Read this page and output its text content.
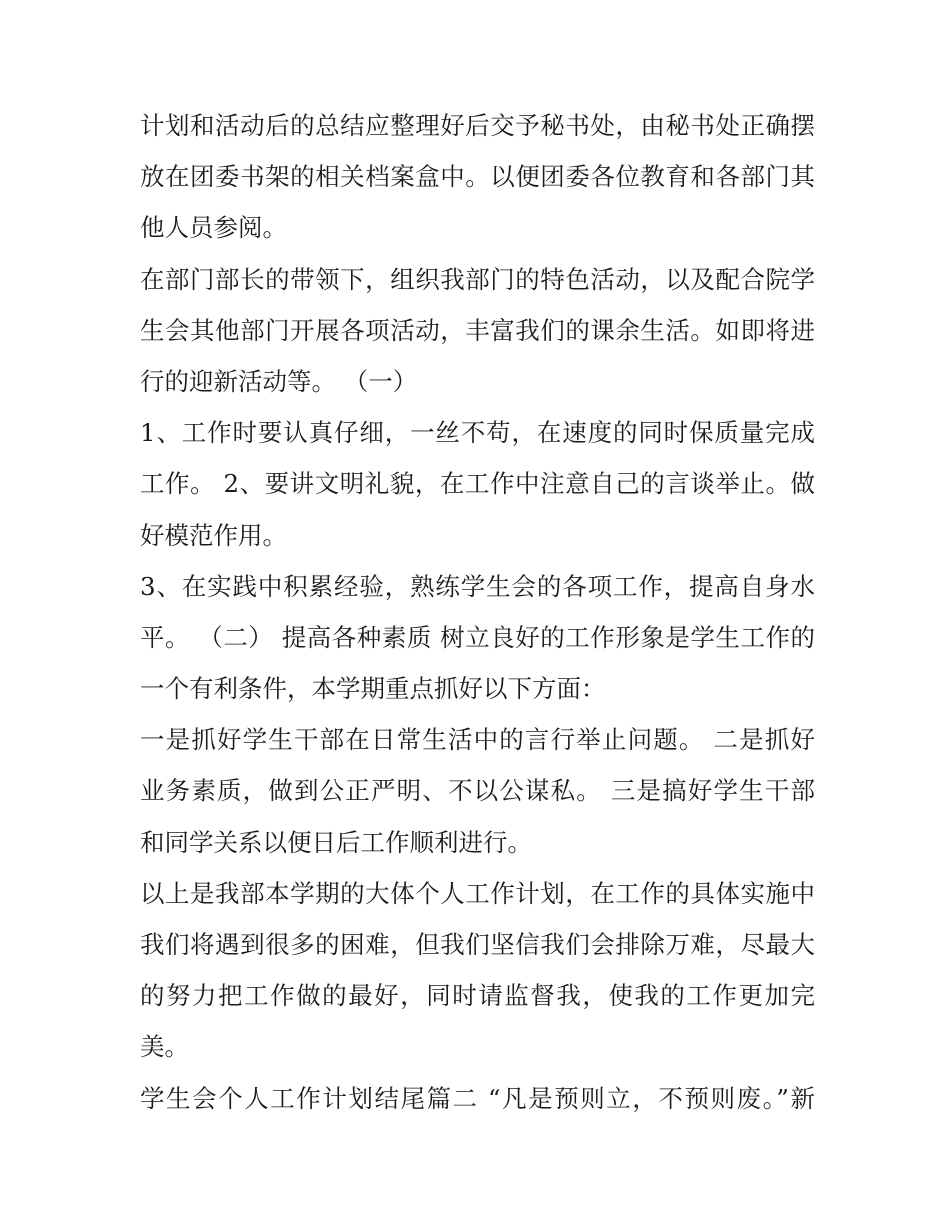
计划和活动后的总结应整理好后交予秘书处，由秘书处正确摆
放在团委书架的相关档案盒中。以便团委各位教育和各部门其
他人员参阅。
在部门部长的带领下，组织我部门的特色活动，以及配合院学
生会其他部门开展各项活动，丰富我们的课余生活。如即将进
行的迎新活动等。 （一）
1、工作时要认真仔细，一丝不苟，在速度的同时保质量完成
工作。 2、要讲文明礼貌，在工作中注意自己的言谈举止。做
好模范作用。
3、在实践中积累经验，熟练学生会的各项工作，提高自身水
平。 （二） 提高各种素质 树立良好的工作形象是学生工作的
一个有利条件，本学期重点抓好以下方面：
一是抓好学生干部在日常生活中的言行举止问题。 二是抓好
业务素质，做到公正严明、不以公谋私。 三是搞好学生干部
和同学关系以便日后工作顺利进行。
以上是我部本学期的大体个人工作计划，在工作的具体实施中
我们将遇到很多的困难，但我们坚信我们会排除万难，尽最大
的努力把工作做的最好，同时请监督我，使我的工作更加完
美。
学生会个人工作计划结尾篇二 “凡是预则立，不预则废。”新
